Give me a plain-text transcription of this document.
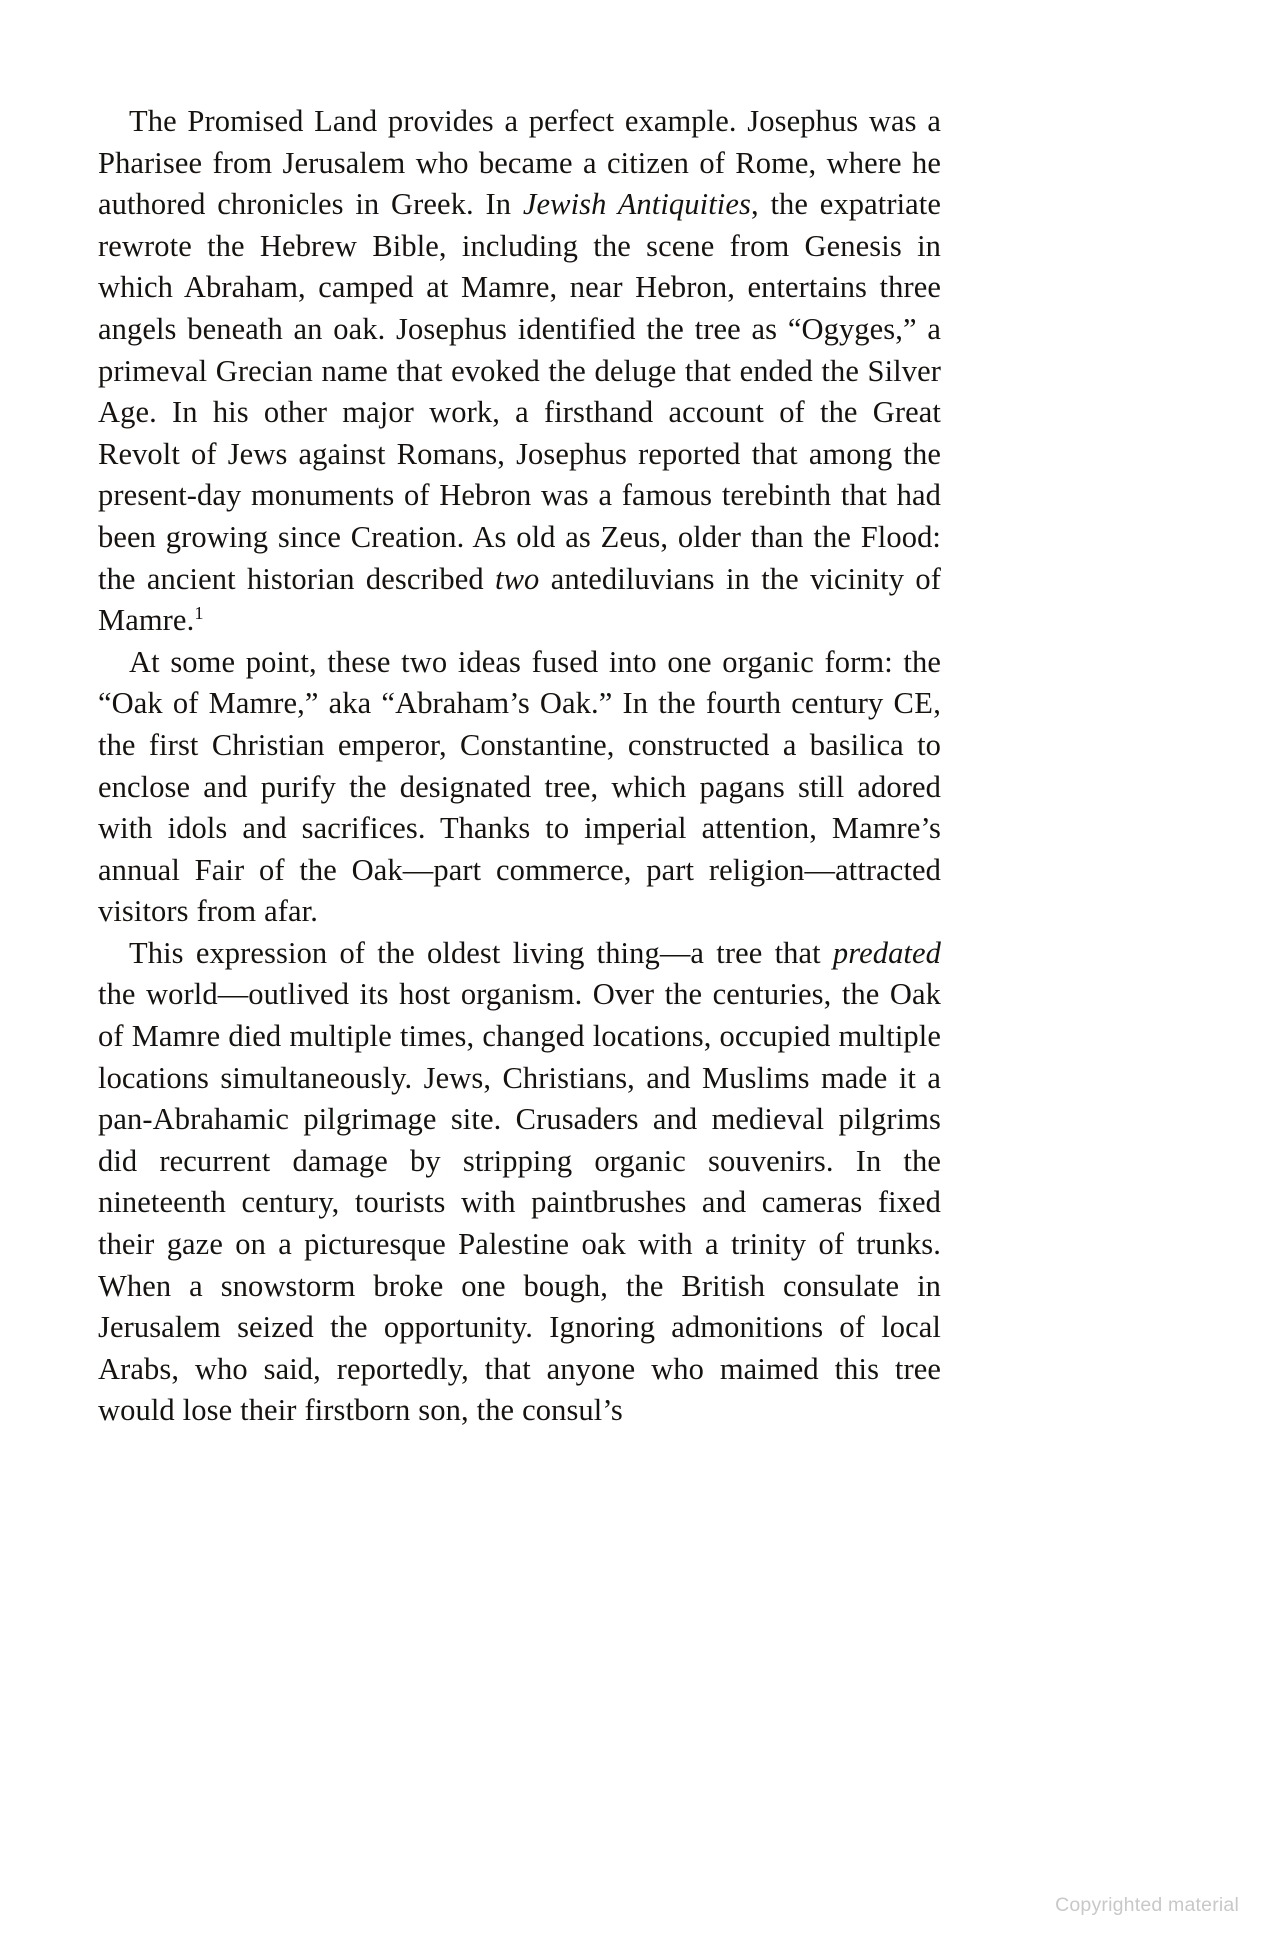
The Promised Land provides a perfect example. Josephus was a Pharisee from Jerusalem who became a citizen of Rome, where he authored chronicles in Greek. In Jewish Antiquities, the expatriate rewrote the Hebrew Bible, including the scene from Genesis in which Abraham, camped at Mamre, near Hebron, entertains three angels beneath an oak. Josephus identified the tree as “Ogyges,” a primeval Grecian name that evoked the deluge that ended the Silver Age. In his other major work, a firsthand account of the Great Revolt of Jews against Romans, Josephus reported that among the present-day monuments of Hebron was a famous terebinth that had been growing since Creation. As old as Zeus, older than the Flood: the ancient historian described two antediluvians in the vicinity of Mamre.$^1$

At some point, these two ideas fused into one organic form: the “Oak of Mamre,” aka “Abraham’s Oak.” In the fourth century CE, the first Christian emperor, Constantine, constructed a basilica to enclose and purify the designated tree, which pagans still adored with idols and sacrifices. Thanks to imperial attention, Mamre’s annual Fair of the Oak—part commerce, part religion—attracted visitors from afar.

This expression of the oldest living thing—a tree that predated the world—outlived its host organism. Over the centuries, the Oak of Mamre died multiple times, changed locations, occupied multiple locations simultaneously. Jews, Christians, and Muslims made it a pan-Abrahamic pilgrimage site. Crusaders and medieval pilgrims did recurrent damage by stripping organic souvenirs. In the nineteenth century, tourists with paintbrushes and cameras fixed their gaze on a picturesque Palestine oak with a trinity of trunks. When a snowstorm broke one bough, the British consulate in Jerusalem seized the opportunity. Ignoring admonitions of local Arabs, who said, reportedly, that anyone who maimed this tree would lose their firstborn son, the consul’s

Copyrighted material
